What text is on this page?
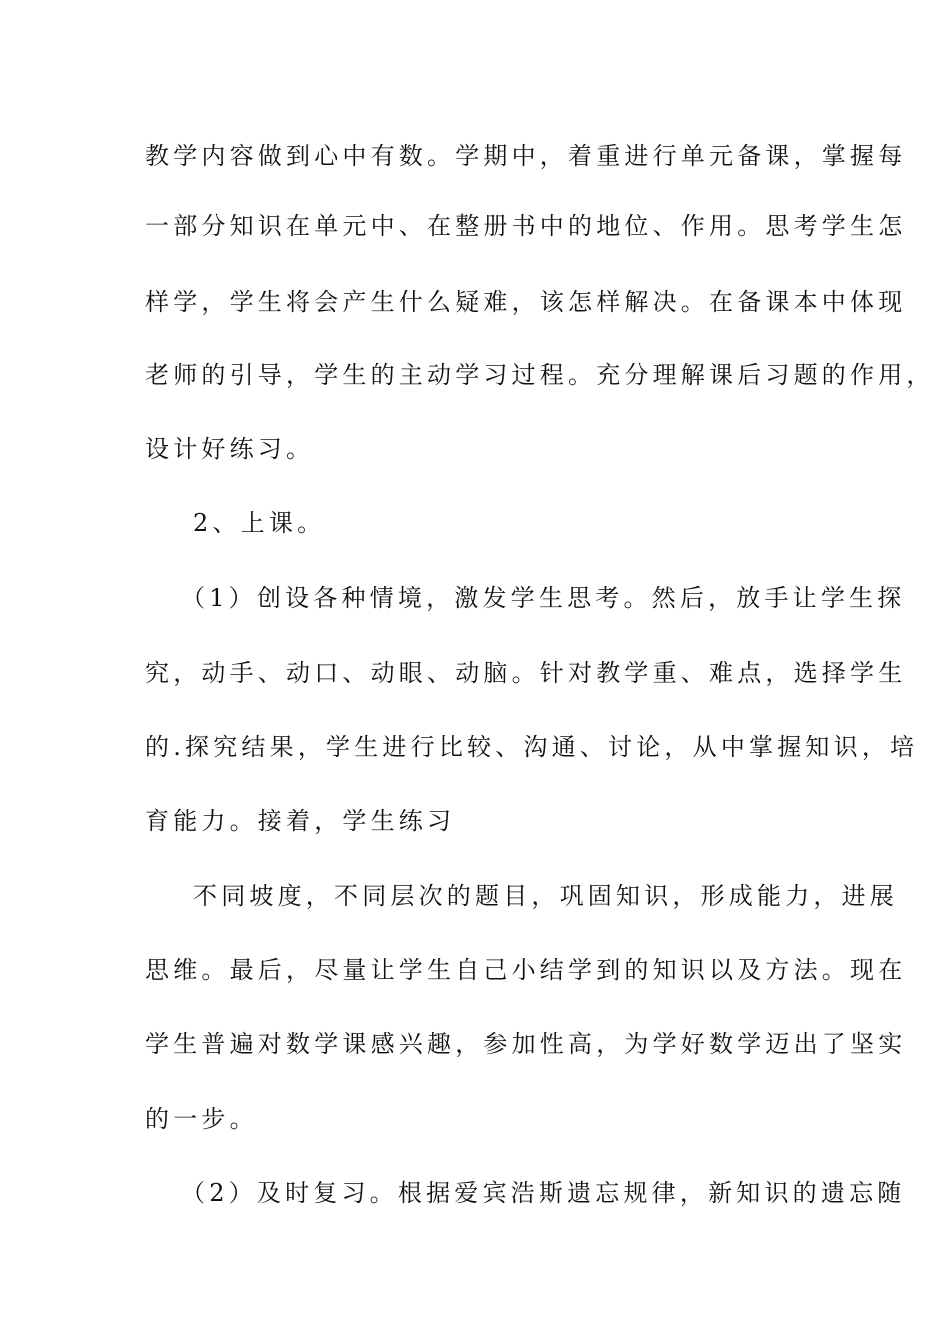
教学内容做到心中有数。学期中，着重进行单元备课，掌握每
一部分知识在单元中、在整册书中的地位、作用。思考学生怎
样学，学生将会产生什么疑难，该怎样解决。在备课本中体现
老师的引导，学生的主动学习过程。充分理解课后习题的作用，
设计好练习。
2、上课。
（1）创设各种情境，激发学生思考。然后，放手让学生探
究，动手、动口、动眼、动脑。针对教学重、难点，选择学生
的.探究结果，学生进行比较、沟通、讨论，从中掌握知识，培
育能力。接着，学生练习
不同坡度，不同层次的题目，巩固知识，形成能力，进展
思维。最后，尽量让学生自己小结学到的知识以及方法。现在
学生普遍对数学课感兴趣，参加性高，为学好数学迈出了坚实
的一步。
（2）及时复习。根据爱宾浩斯遗忘规律，新知识的遗忘随
